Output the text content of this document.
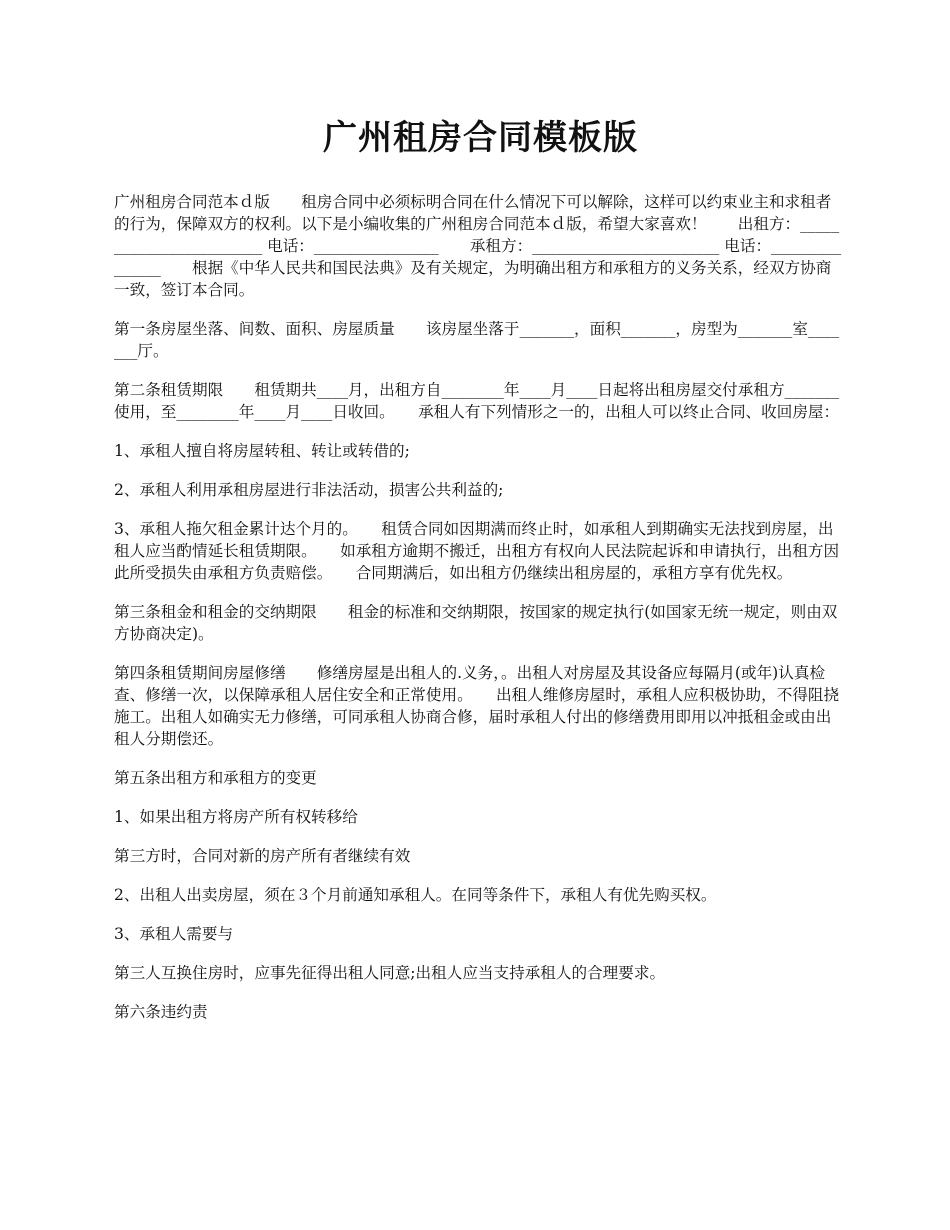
广州租房合同模板版

广州租房合同范本ｄ版　　租房合同中必须标明合同在什么情况下可以解除，这样可以约束业主和求租者的行为，保障双方的权利。以下是小编收集的广州租房合同范本ｄ版，希望大家喜欢！　　出租方：________________________ 电话：________________　　承租方：________________________ 电话：_______________　　根据《中华人民共和国民法典》及有关规定，为明确出租方和承租方的义务关系，经双方协商一致，签订本合同。

第一条房屋坐落、间数、面积、房屋质量　　该房屋坐落于_______，面积_______，房型为_______室_______厅。

第二条租赁期限　　租赁期共____月，出租方自________年____月____日起将出租房屋交付承租方_______使用，至________年____月____日收回。　　承租人有下列情形之一的，出租人可以终止合同、收回房屋：

1、承租人擅自将房屋转租、转让或转借的;

2、承租人利用承租房屋进行非法活动，损害公共利益的;

3、承租人拖欠租金累计达个月的。　　租赁合同如因期满而终止时，如承租人到期确实无法找到房屋，出租人应当酌情延长租赁期限。　　如承租方逾期不搬迁，出租方有权向人民法院起诉和申请执行，出租方因此所受损失由承租方负责赔偿。　　合同期满后，如出租方仍继续出租房屋的，承租方享有优先权。

第三条租金和租金的交纳期限　　租金的标准和交纳期限，按国家的规定执行(如国家无统一规定，则由双方协商决定)。

第四条租赁期间房屋修缮　　修缮房屋是出租人的.义务，。出租人对房屋及其设备应每隔月(或年)认真检查、修缮一次，以保障承租人居住安全和正常使用。　　出租人维修房屋时，承租人应积极协助，不得阻挠施工。出租人如确实无力修缮，可同承租人协商合修，届时承租人付出的修缮费用即用以冲抵租金或由出租人分期偿还。

第五条出租方和承租方的变更

1、如果出租方将房产所有权转移给

第三方时，合同对新的房产所有者继续有效

2、出租人出卖房屋，须在３个月前通知承租人。在同等条件下，承租人有优先购买权。

3、承租人需要与

第三人互换住房时，应事先征得出租人同意;出租人应当支持承租人的合理要求。

第六条违约责
